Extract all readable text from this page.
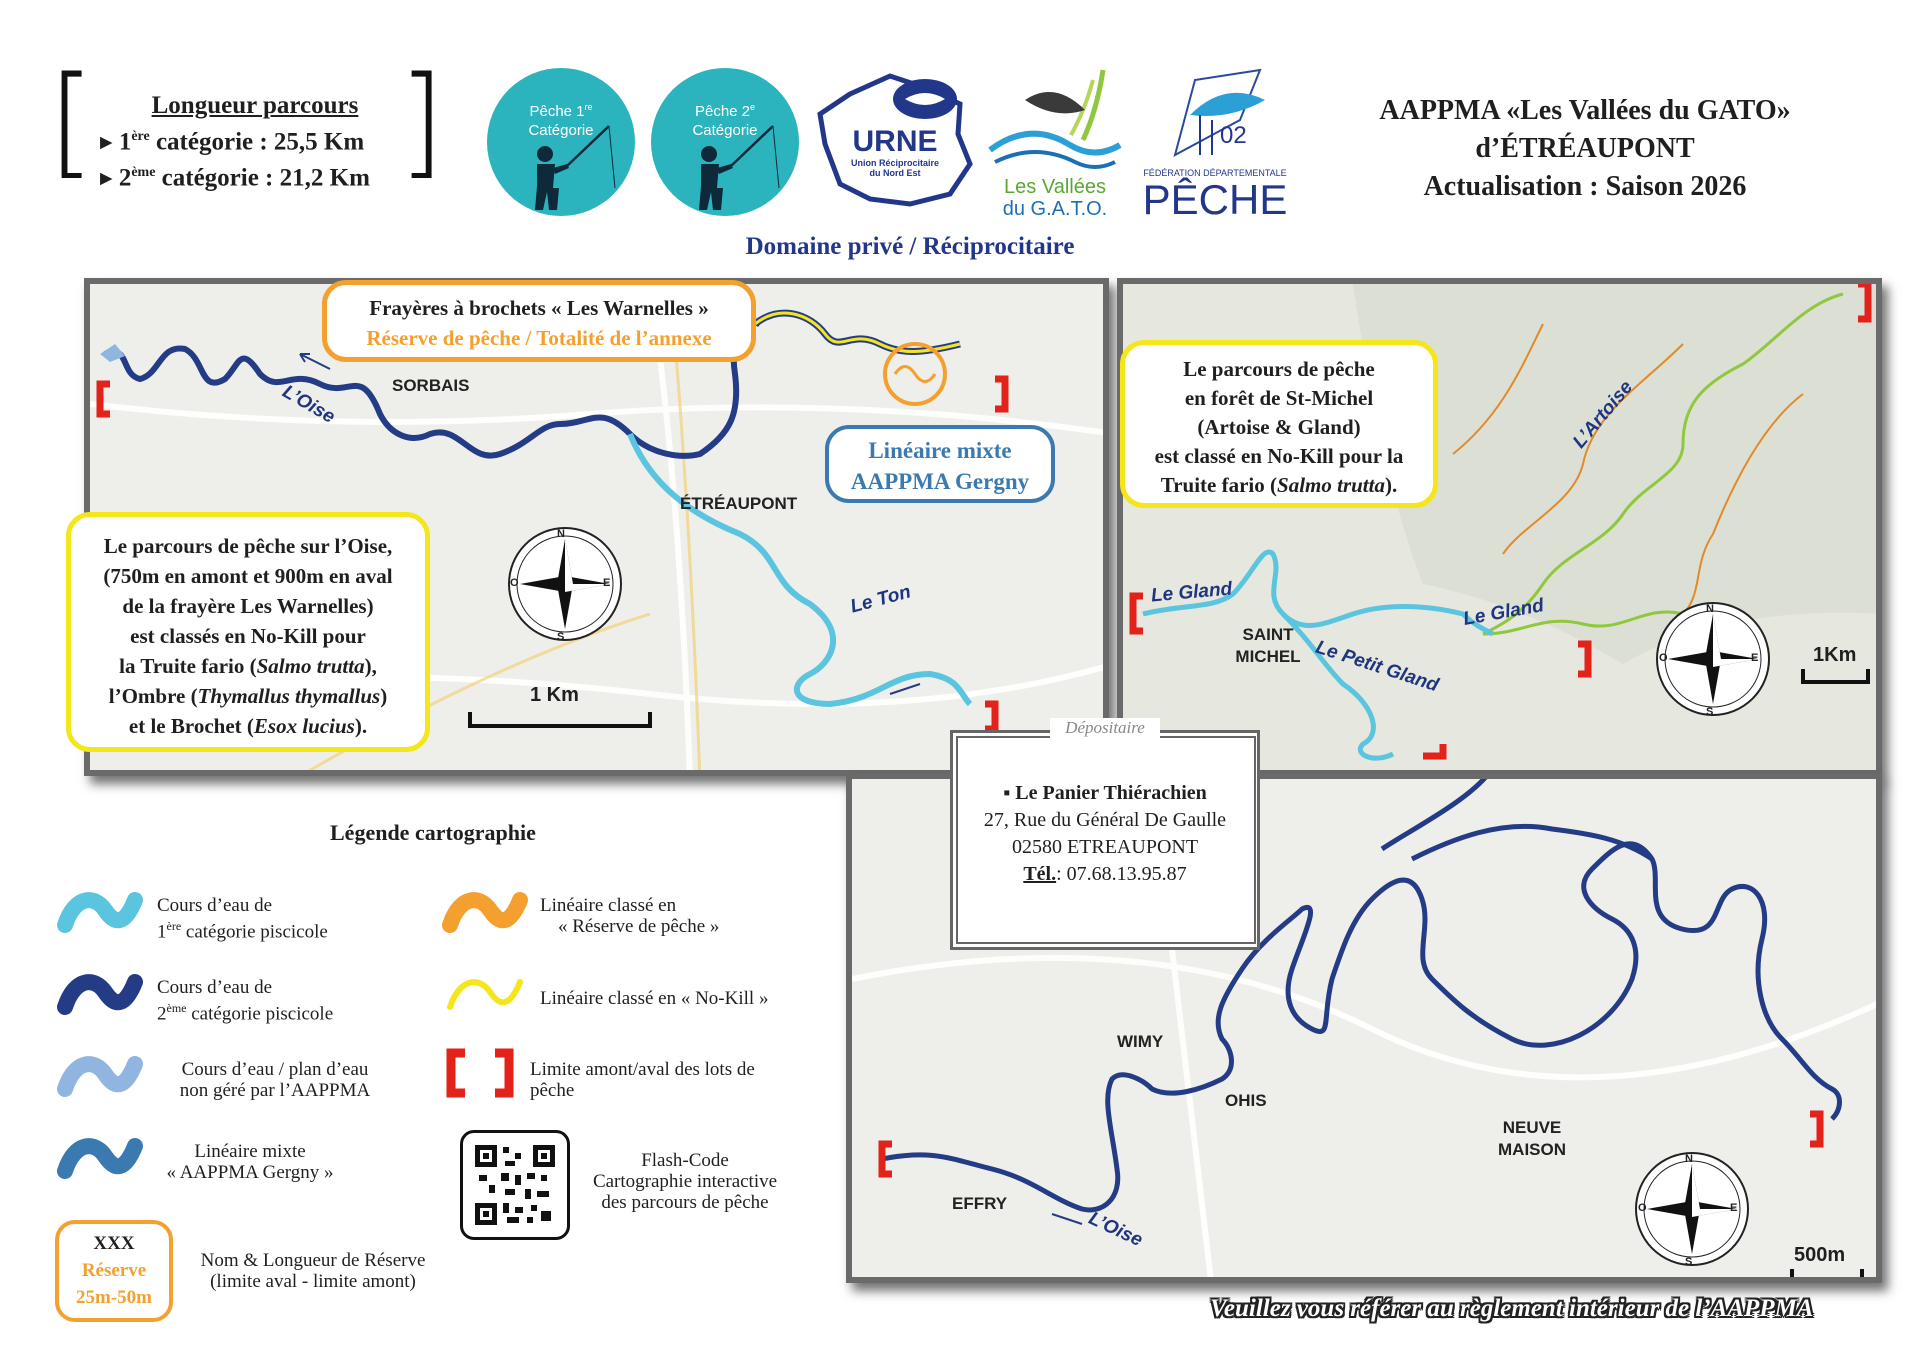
[	]
Longueur parcours
▸ 1ère catégorie : 25,5 Km
▸ 2ème catégorie : 21,2 Km
Pêche 1re
Catégorie
Pêche 2e
Catégorie	URNE
Union Réciprocitaire
du Nord Est
Les Vallées
du G.A.T.O.
02
FÉDÉRATION DÉPARTEMENTALE
PÊCHE
Domaine privé / Réciprocitaire
AAPPMA «Les Vallées du GATO»
d’ÉTRÉAUPONT
Actualisation : Saison 2026
SORBAIS
ÉTRÉAUPONT
L’Oise
Le Ton
1 Km
N
S
E
O
Frayères à brochets « Les Warnelles »
Réserve de pêche / Totalité de l’annexe
Linéaire mixte
AAPPMA Gergny
Le parcours de pêche sur l’Oise,
(750m en amont et 900m en aval
de la frayère Les Warnelles)
est classés en No-Kill pour
la Truite fario (Salmo trutta),
l’Ombre (Thymallus thymallus)
et le Brochet (Esox lucius).
Le Gland
Le Gland
Le Petit Gland
L’Artoise
SAINT
MICHEL	1Km
N
S
E
O
Le parcours de pêche
en forêt de St-Michel
(Artoise & Gland)
est classé en No-Kill pour la
Truite fario (Salmo trutta).
WIMY
OHIS
NEUVE
MAISON
EFFRY
L’Oise
500m
N
S
E
O
Dépositaire
▪ Le Panier Thiérachien
27, Rue du Général De Gaulle
02580 ETREAUPONT
Tél.: 07.68.13.95.87
Légende cartographie
Cours d’eau de
1ère catégorie piscicole
Cours d’eau de
2ème catégorie piscicole
Cours d’eau / plan d’eau
non géré par l’AAPPMA
Linéaire mixte
« AAPPMA Gergny »
Linéaire classé en
« Réserve de pêche »
Linéaire classé en « No-Kill »
Limite amont/aval des lots de
pêche
Flash-Code
Cartographie interactive
des parcours de pêche
XXX
Réserve
25m-50m
Nom & Longueur de Réserve
(limite aval - limite amont)
Veuillez vous référer au règlement intérieur de l’AAPPMA
